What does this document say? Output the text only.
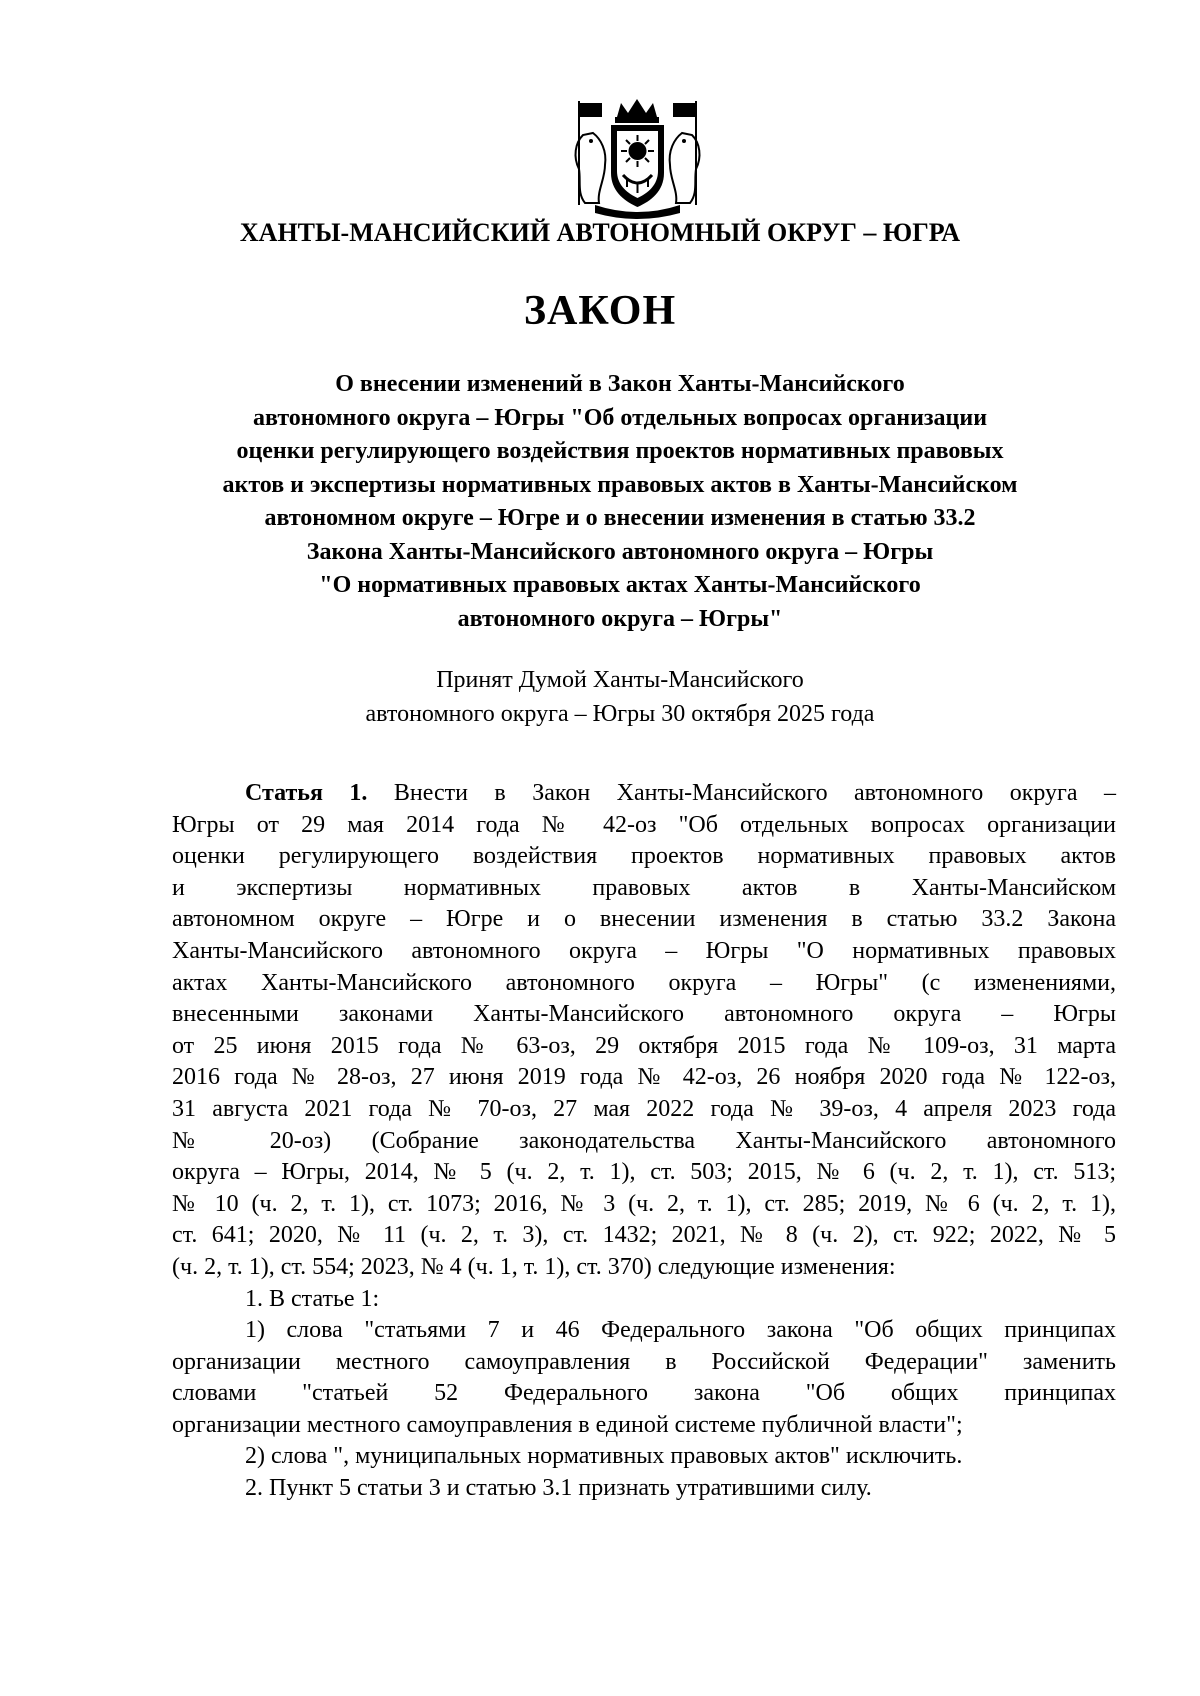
ХАНТЫ-МАНСИЙСКИЙ АВТОНОМНЫЙ ОКРУГ – ЮГРА
ЗАКОН
О внесении изменений в Закон Ханты-Мансийского
автономного округа – Югры "Об отдельных вопросах организации
оценки регулирующего воздействия проектов нормативных правовых
актов и экспертизы нормативных правовых актов в Ханты-Мансийском
автономном округе – Югре и о внесении изменения в статью 33.2
Закона Ханты-Мансийского автономного округа – Югры
"О нормативных правовых актах Ханты-Мансийского
автономного округа – Югры"
Принят Думой Ханты-Мансийского
автономного округа – Югры 30 октября 2025 года
Статья 1. Внести в Закон Ханты-Мансийского автономного округа –
Югры от 29 мая 2014 года № 42-оз "Об отдельных вопросах организации
оценки регулирующего воздействия проектов нормативных правовых актов
и экспертизы нормативных правовых актов в Ханты-Мансийском
автономном округе – Югре и о внесении изменения в статью 33.2 Закона
Ханты-Мансийского автономного округа – Югры "О нормативных правовых
актах Ханты-Мансийского автономного округа – Югры" (с изменениями,
внесенными законами Ханты-Мансийского автономного округа – Югры
от 25 июня 2015 года № 63-оз, 29 октября 2015 года № 109-оз, 31 марта
2016 года № 28-оз, 27 июня 2019 года № 42-оз, 26 ноября 2020 года № 122-оз,
31 августа 2021 года № 70-оз, 27 мая 2022 года № 39-оз, 4 апреля 2023 года
№ 20-оз) (Собрание законодательства Ханты-Мансийского автономного
округа – Югры, 2014, № 5 (ч. 2, т. 1), ст. 503; 2015, № 6 (ч. 2, т. 1), ст. 513;
№ 10 (ч. 2, т. 1), ст. 1073; 2016, № 3 (ч. 2, т. 1), ст. 285; 2019, № 6 (ч. 2, т. 1),
ст. 641; 2020, № 11 (ч. 2, т. 3), ст. 1432; 2021, № 8 (ч. 2), ст. 922; 2022, № 5
(ч. 2, т. 1), ст. 554; 2023, № 4 (ч. 1, т. 1), ст. 370) следующие изменения:
1. В статье 1:
1) слова "статьями 7 и 46 Федерального закона "Об общих принципах
организации местного самоуправления в Российской Федерации" заменить
словами "статьей 52 Федерального закона "Об общих принципах
организации местного самоуправления в единой системе публичной власти";
2) слова ", муниципальных нормативных правовых актов" исключить.
2. Пункт 5 статьи 3 и статью 3.1 признать утратившими силу.
